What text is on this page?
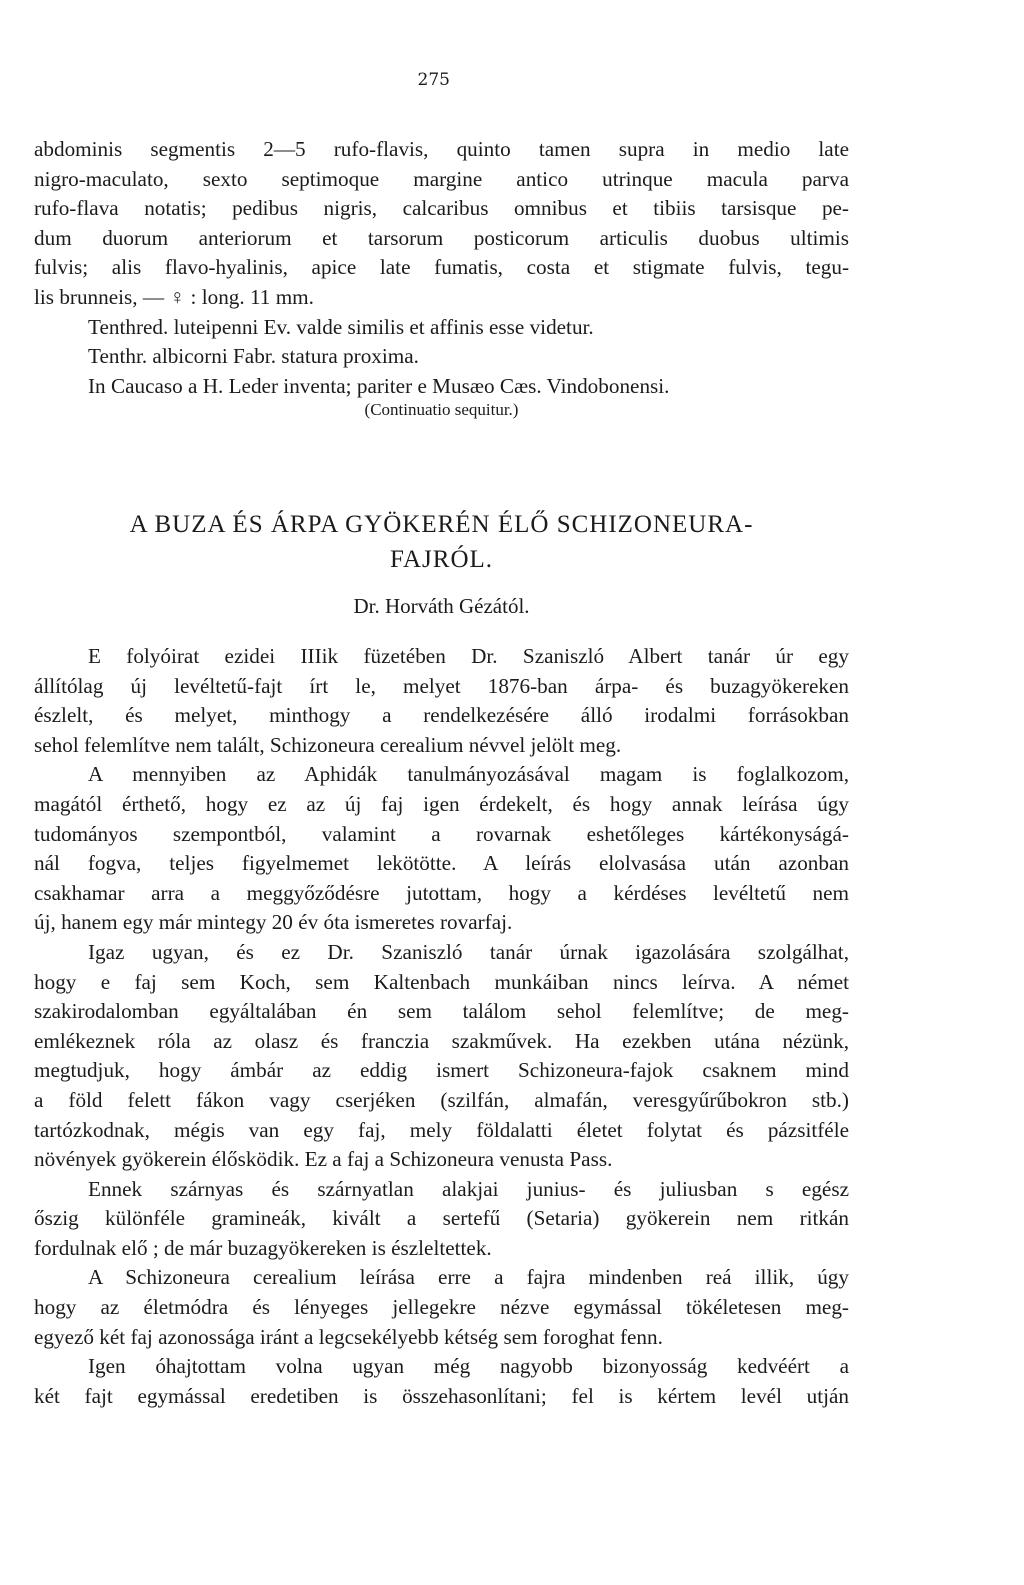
275
abdominis segmentis 2—5 rufo-flavis, quinto tamen supra in medio late
nigro-maculato, sexto septimoque margine antico utrinque macula parva
rufo-flava notatis; pedibus nigris, calcaribus omnibus et tibiis tarsisque pe-
dum duorum anteriorum et tarsorum posticorum articulis duobus ultimis
fulvis; alis flavo-hyalinis, apice late fumatis, costa et stigmate fulvis, tegu-
lis brunneis, — ♀ : long. 11 mm.
Tenthred. luteipenni Ev. valde similis et affinis esse videtur.
Tenthr. albicorni Fabr. statura proxima.
In Caucaso a H. Leder inventa; pariter e Musæo Cæs. Vindobonensi.
(Continuatio sequitur.)
A BUZA ÉS ÁRPA GYÖKERÉN ÉLŐ SCHIZONEURA-
FAJRÓL.
Dr. Horváth Gézától.
E folyóirat ezidei IIIik füzetében Dr. Szaniszló Albert tanár úr egy
állítólag új levéltetű-fajt írt le, melyet 1876-ban árpa- és buzagyökereken
észlelt, és melyet, minthogy a rendelkezésére álló irodalmi forrásokban
sehol felemlítve nem talált, Schizoneura cerealium névvel jelölt meg.
A mennyiben az Aphidák tanulmányozásával magam is foglalkozom,
magától érthető, hogy ez az új faj igen érdekelt, és hogy annak leírása úgy
tudományos szempontból, valamint a rovarnak eshetőleges kártékonyságá-
nál fogva, teljes figyelmemet lekötötte. A leírás elolvasása után azonban
csakhamar arra a meggyőződésre jutottam, hogy a kérdéses levéltetű nem
új, hanem egy már mintegy 20 év óta ismeretes rovarfaj.
Igaz ugyan, és ez Dr. Szaniszló tanár úrnak igazolására szolgálhat,
hogy e faj sem Koch, sem Kaltenbach munkáiban nincs leírva. A német
szakirodalomban egyáltalában én sem találom sehol felemlítve; de meg-
emlékeznek róla az olasz és franczia szakművek. Ha ezekben utána nézünk,
megtudjuk, hogy ámbár az eddig ismert Schizoneura-fajok csaknem mind
a föld felett fákon vagy cserjéken (szilfán, almafán, veresgyűrűbokron stb.)
tartózkodnak, mégis van egy faj, mely földalatti életet folytat és pázsitféle
növények gyökerein élősködik. Ez a faj a Schizoneura venusta Pass.
Ennek szárnyas és szárnyatlan alakjai junius- és juliusban s egész
őszig különféle gramineák, kivált a sertefű (Setaria) gyökerein nem ritkán
fordulnak elő ; de már buzagyökereken is észleltettek.
A Schizoneura cerealium leírása erre a fajra mindenben reá illik, úgy
hogy az életmódra és lényeges jellegekre nézve egymással tökéletesen meg-
egyező két faj azonossága iránt a legcsekélyebb kétség sem foroghat fenn.
Igen óhajtottam volna ugyan még nagyobb bizonyosság kedvéért a
két fajt egymással eredetiben is összehasonlítani; fel is kértem levél utján
